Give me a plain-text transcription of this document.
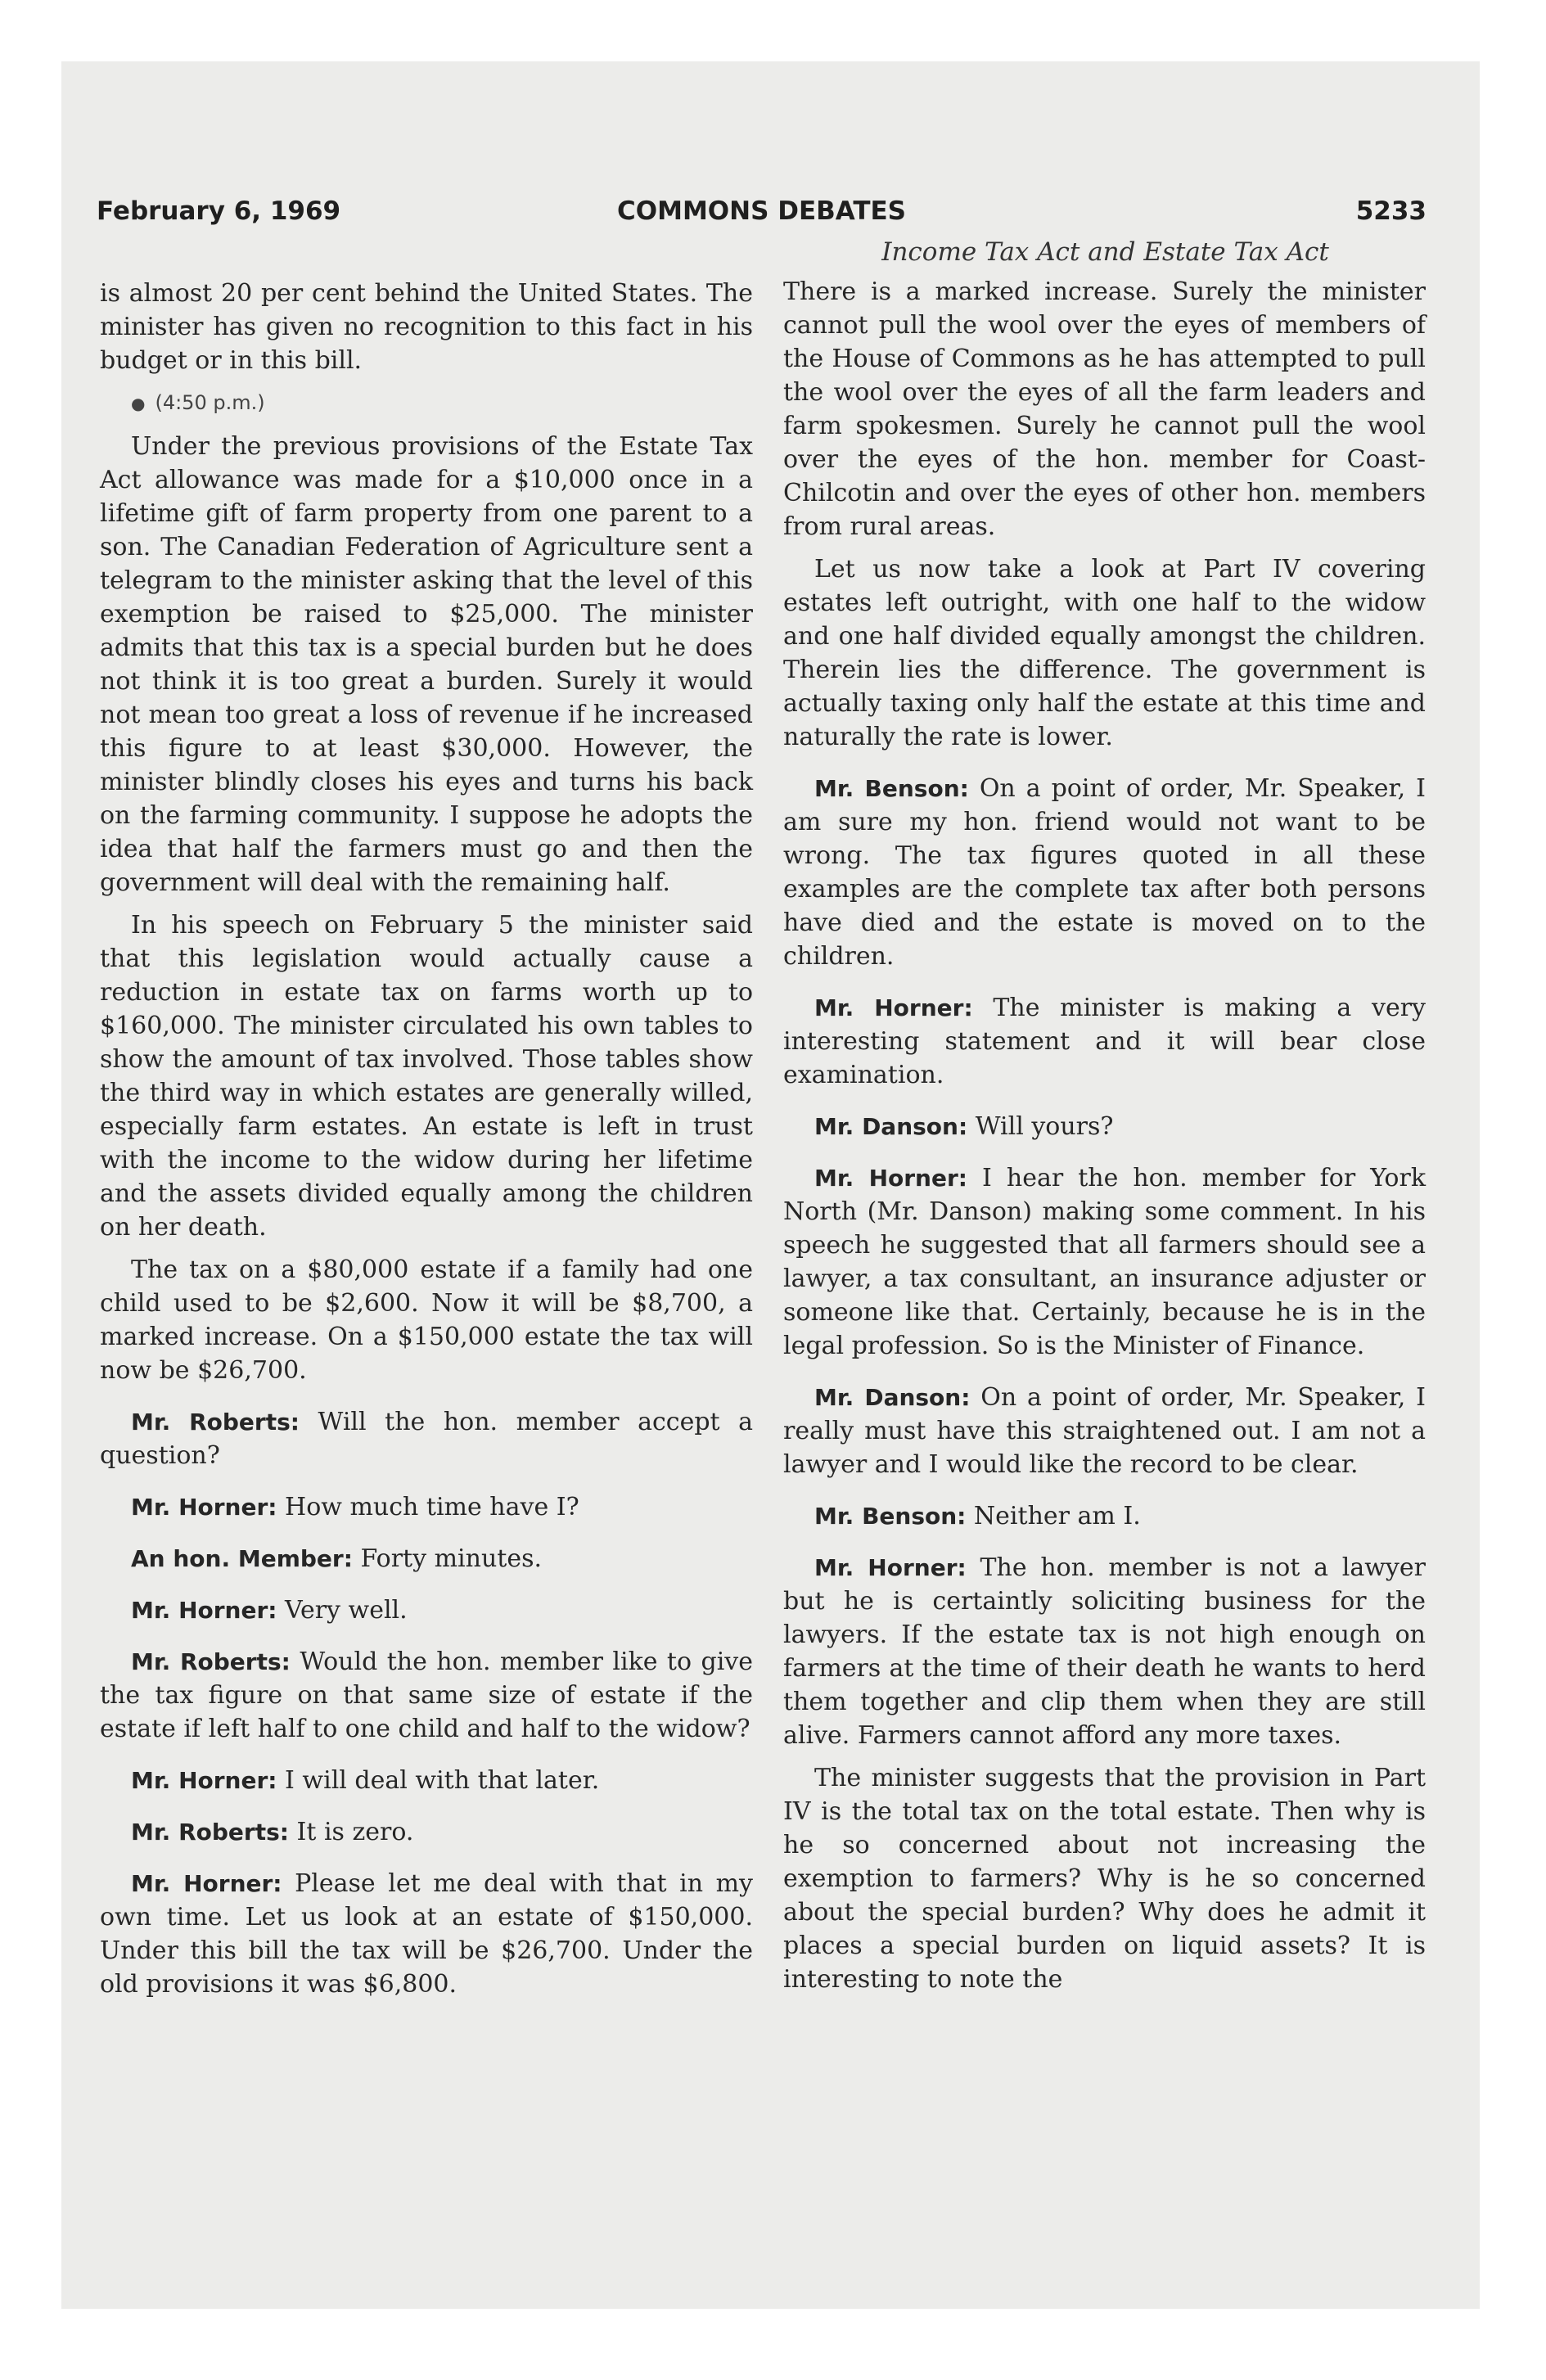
February 6, 1969	COMMONS DEBATES	5233
Income Tax Act and Estate Tax Act

is almost 20 per cent behind the United States. The minister has given no recognition to this fact in his budget or in this bill.

● (4:50 p.m.)

Under the previous provisions of the Estate Tax Act allowance was made for a $10,000 once in a lifetime gift of farm property from one parent to a son. The Canadian Federation of Agriculture sent a telegram to the minister asking that the level of this exemption be raised to $25,000. The minister admits that this tax is a special burden but he does not think it is too great a burden. Surely it would not mean too great a loss of revenue if he increased this figure to at least $30,000. However, the minister blindly closes his eyes and turns his back on the farming community. I suppose he adopts the idea that half the farmers must go and then the government will deal with the remaining half.

In his speech on February 5 the minister said that this legislation would actually cause a reduction in estate tax on farms worth up to $160,000. The minister circulated his own tables to show the amount of tax involved. Those tables show the third way in which estates are generally willed, especially farm estates. An estate is left in trust with the income to the widow during her lifetime and the assets divided equally among the children on her death.

The tax on a $80,000 estate if a family had one child used to be $2,600. Now it will be $8,700, a marked increase. On a $150,000 estate the tax will now be $26,700.

Mr. Roberts: Will the hon. member accept a question?

Mr. Horner: How much time have I?

An hon. Member: Forty minutes.

Mr. Horner: Very well.

Mr. Roberts: Would the hon. member like to give the tax figure on that same size of estate if the estate if left half to one child and half to the widow?

Mr. Horner: I will deal with that later.

Mr. Roberts: It is zero.

Mr. Horner: Please let me deal with that in my own time. Let us look at an estate of $150,000. Under this bill the tax will be $26,700. Under the old provisions it was $6,800.

There is a marked increase. Surely the minister cannot pull the wool over the eyes of members of the House of Commons as he has attempted to pull the wool over the eyes of all the farm leaders and farm spokesmen. Surely he cannot pull the wool over the eyes of the hon. member for Coast-Chilcotin and over the eyes of other hon. members from rural areas.

Let us now take a look at Part IV covering estates left outright, with one half to the widow and one half divided equally amongst the children. Therein lies the difference. The government is actually taxing only half the estate at this time and naturally the rate is lower.

Mr. Benson: On a point of order, Mr. Speaker, I am sure my hon. friend would not want to be wrong. The tax figures quoted in all these examples are the complete tax after both persons have died and the estate is moved on to the children.

Mr. Horner: The minister is making a very interesting statement and it will bear close examination.

Mr. Danson: Will yours?

Mr. Horner: I hear the hon. member for York North (Mr. Danson) making some comment. In his speech he suggested that all farmers should see a lawyer, a tax consultant, an insurance adjuster or someone like that. Certainly, because he is in the legal profession. So is the Minister of Finance.

Mr. Danson: On a point of order, Mr. Speaker, I really must have this straightened out. I am not a lawyer and I would like the record to be clear.

Mr. Benson: Neither am I.

Mr. Horner: The hon. member is not a lawyer but he is certaintly soliciting business for the lawyers. If the estate tax is not high enough on farmers at the time of their death he wants to herd them together and clip them when they are still alive. Farmers cannot afford any more taxes.

The minister suggests that the provision in Part IV is the total tax on the total estate. Then why is he so concerned about not increasing the exemption to farmers? Why is he so concerned about the special burden? Why does he admit it places a special burden on liquid assets? It is interesting to note the
